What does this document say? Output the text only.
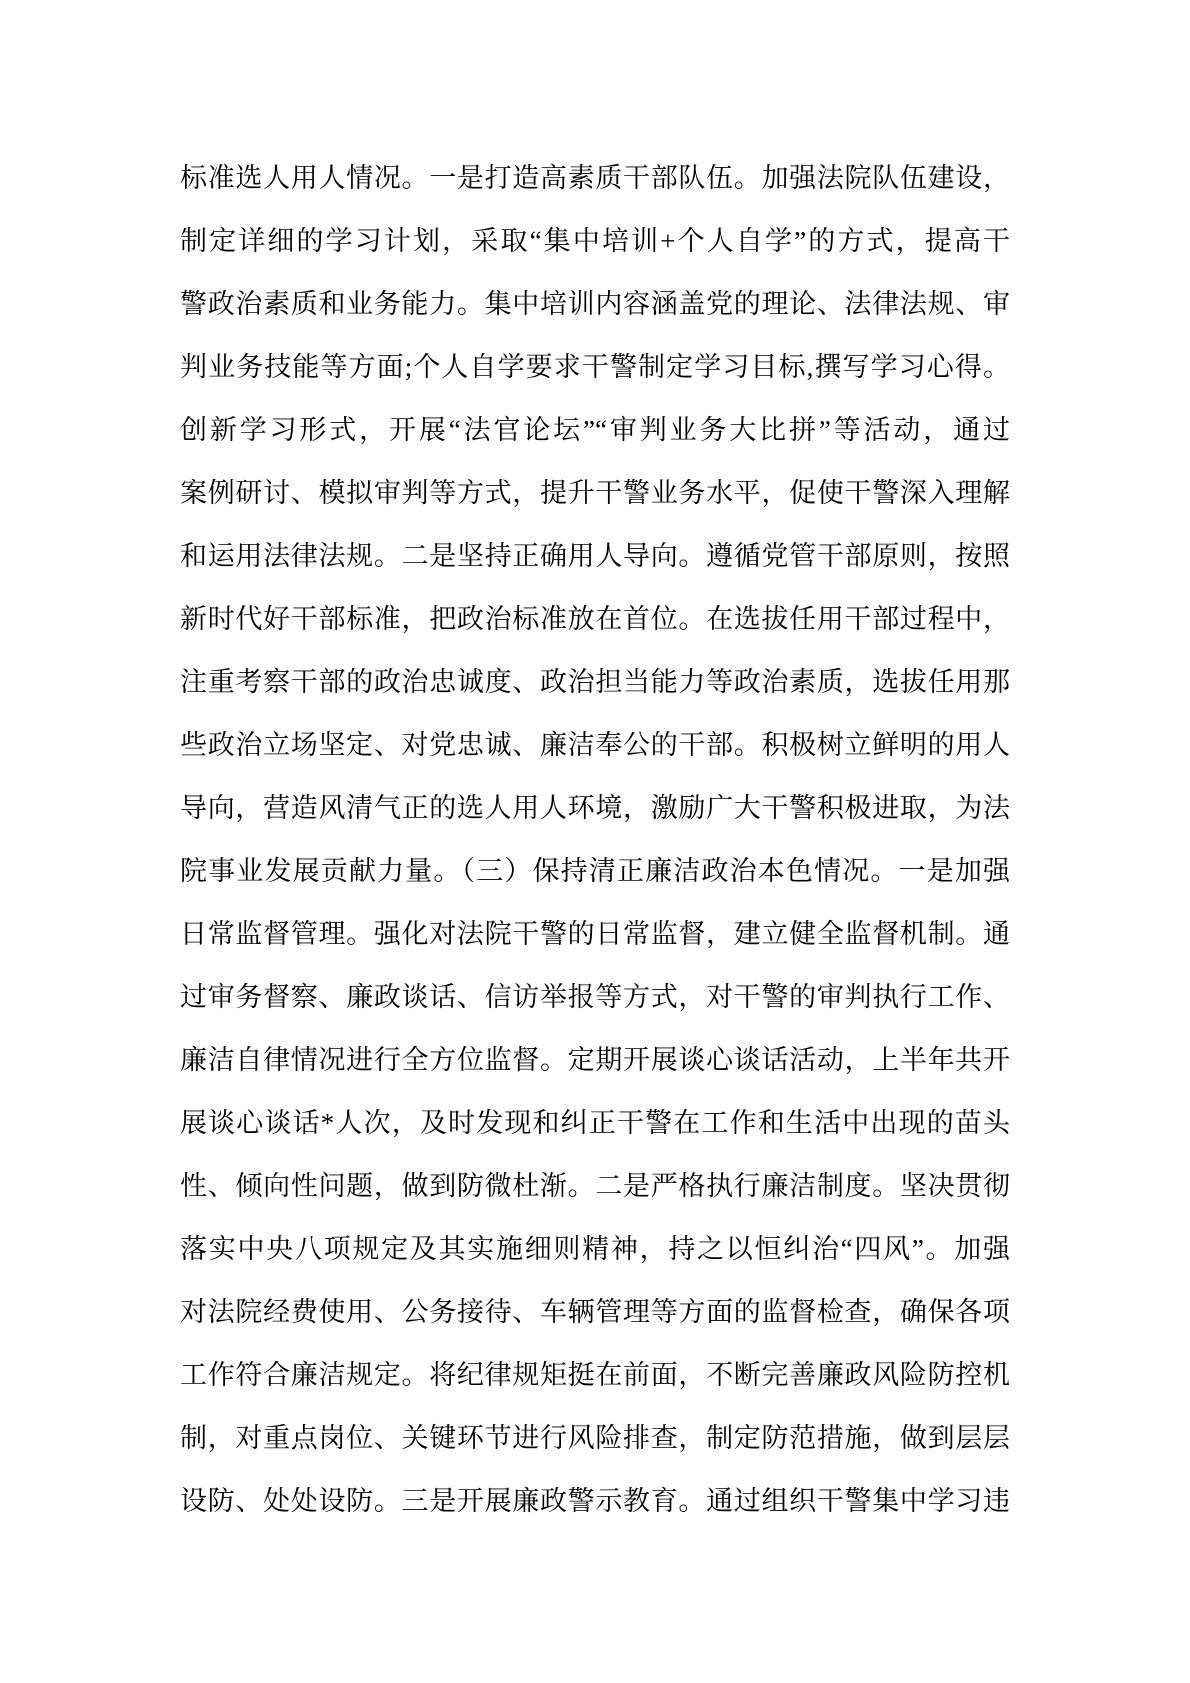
标准选人用人情况。一是打造高素质干部队伍。加强法院队伍建设，
制定详细的学习计划，采取“集中培训+个人自学”的方式，提高干
警政治素质和业务能力。集中培训内容涵盖党的理论、法律法规、审
判业务技能等方面;个人自学要求干警制定学习目标,撰写学习心得。
创新学习形式，开展“法官论坛”“审判业务大比拼”等活动，通过
案例研讨、模拟审判等方式，提升干警业务水平，促使干警深入理解
和运用法律法规。二是坚持正确用人导向。遵循党管干部原则，按照
新时代好干部标准，把政治标准放在首位。在选拔任用干部过程中，
注重考察干部的政治忠诚度、政治担当能力等政治素质，选拔任用那
些政治立场坚定、对党忠诚、廉洁奉公的干部。积极树立鲜明的用人
导向，营造风清气正的选人用人环境，激励广大干警积极进取，为法
院事业发展贡献力量。（三）保持清正廉洁政治本色情况。一是加强
日常监督管理。强化对法院干警的日常监督，建立健全监督机制。通
过审务督察、廉政谈话、信访举报等方式，对干警的审判执行工作、
廉洁自律情况进行全方位监督。定期开展谈心谈话活动，上半年共开
展谈心谈话*人次，及时发现和纠正干警在工作和生活中出现的苗头
性、倾向性问题，做到防微杜渐。二是严格执行廉洁制度。坚决贯彻
落实中央八项规定及其实施细则精神，持之以恒纠治“四风”。加强
对法院经费使用、公务接待、车辆管理等方面的监督检查，确保各项
工作符合廉洁规定。将纪律规矩挺在前面，不断完善廉政风险防控机
制，对重点岗位、关键环节进行风险排查，制定防范措施，做到层层
设防、处处设防。三是开展廉政警示教育。通过组织干警集中学习违
